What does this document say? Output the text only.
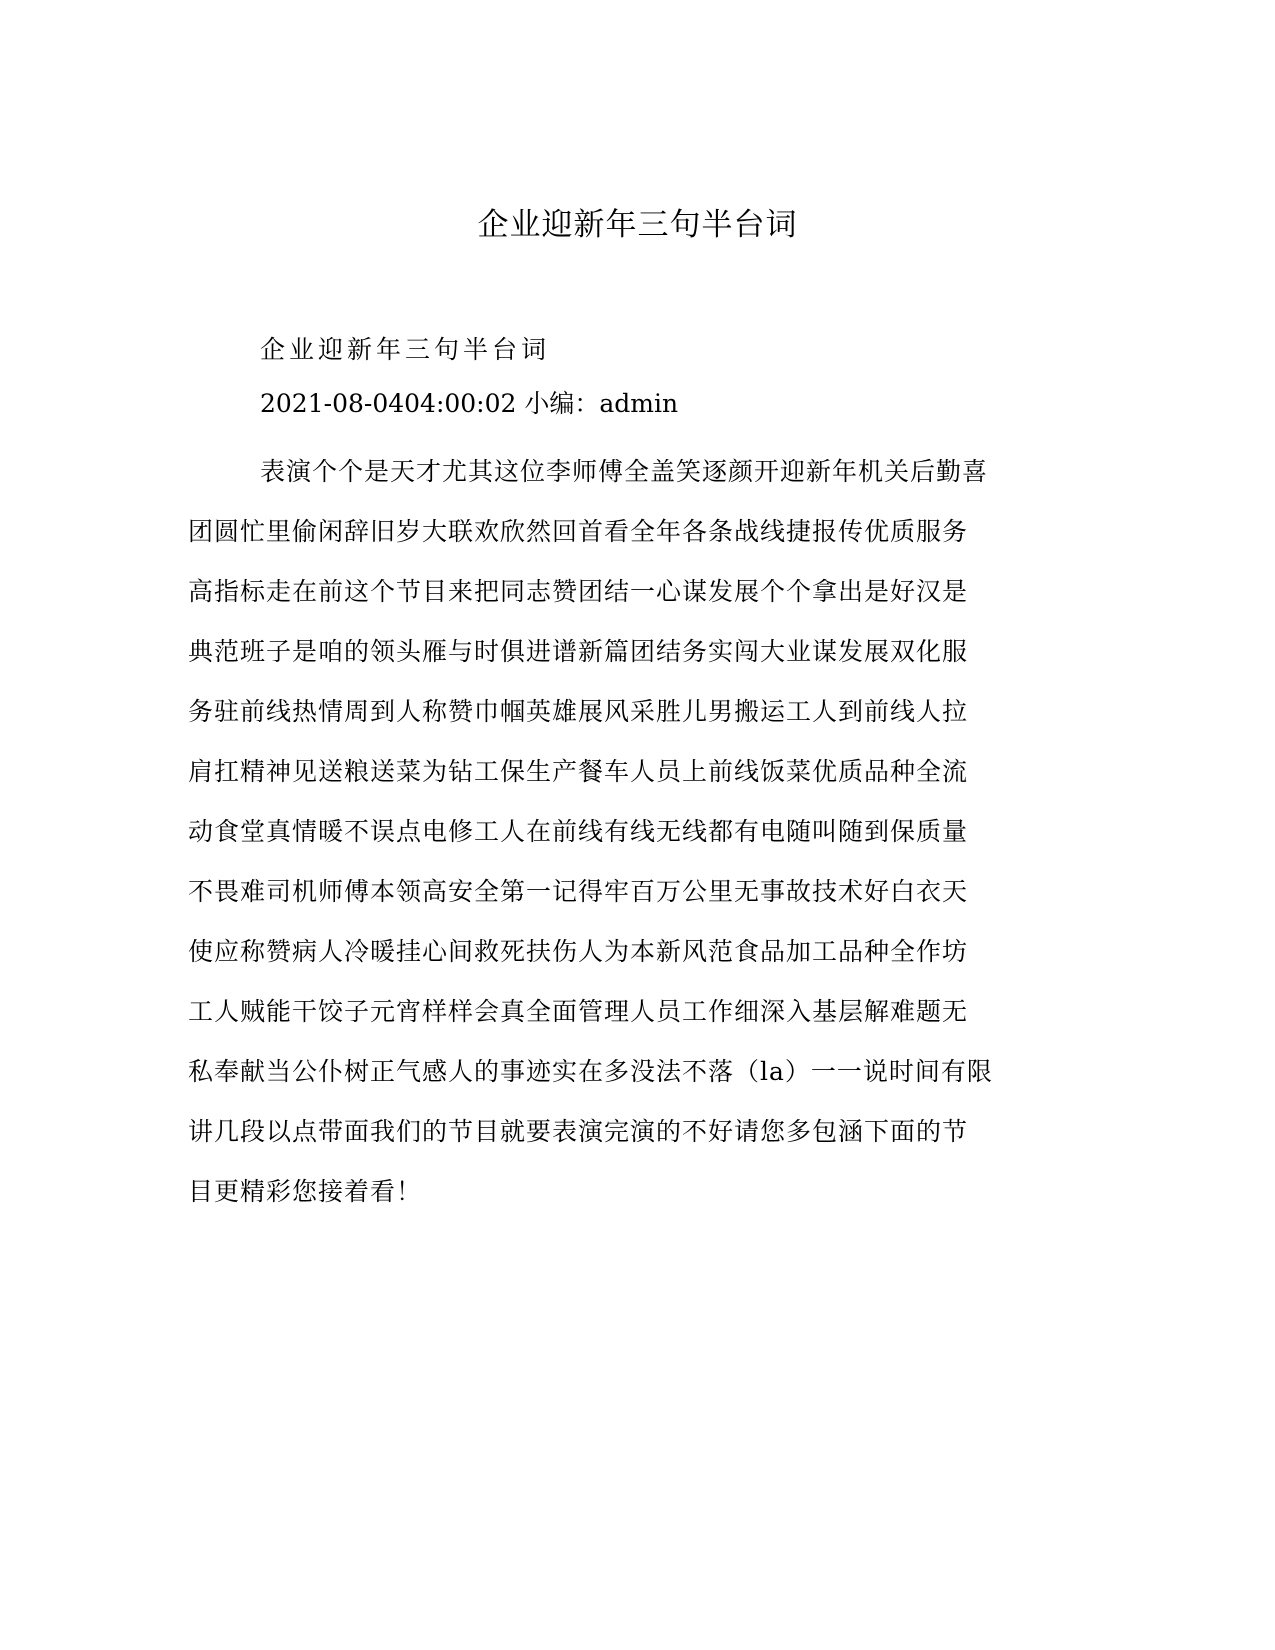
企业迎新年三句半台词

企业迎新年三句半台词

2021-08-0404:00:02 小编：admin

表演个个是天才尤其这位李师傅全盖笑逐颜开迎新年机关后勤喜
团圆忙里偷闲辞旧岁大联欢欣然回首看全年各条战线捷报传优质服务
高指标走在前这个节目来把同志赞团结一心谋发展个个拿出是好汉是
典范班子是咱的领头雁与时俱进谱新篇团结务实闯大业谋发展双化服
务驻前线热情周到人称赞巾帼英雄展风采胜儿男搬运工人到前线人拉
肩扛精神见送粮送菜为钻工保生产餐车人员上前线饭菜优质品种全流
动食堂真情暖不误点电修工人在前线有线无线都有电随叫随到保质量
不畏难司机师傅本领高安全第一记得牢百万公里无事故技术好白衣天
使应称赞病人冷暖挂心间救死扶伤人为本新风范食品加工品种全作坊
工人贼能干饺子元宵样样会真全面管理人员工作细深入基层解难题无
私奉献当公仆树正气感人的事迹实在多没法不落（la）一一说时间有限
讲几段以点带面我们的节目就要表演完演的不好请您多包涵下面的节
目更精彩您接着看！
